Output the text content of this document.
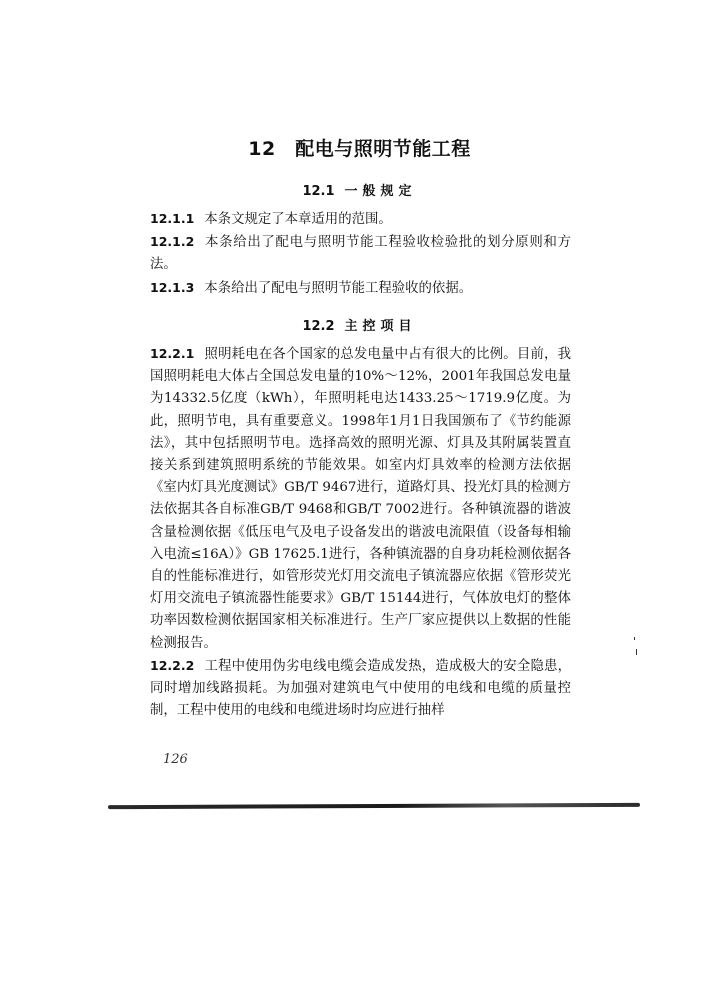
12　配电与照明节能工程
12.1 一般规定

12.1.1 本条文规定了本章适用的范围。

12.1.2 本条给出了配电与照明节能工程验收检验批的划分原则和方法。

12.1.3 本条给出了配电与照明节能工程验收的依据。

12.2 主控项目

12.2.1 照明耗电在各个国家的总发电量中占有很大的比例。目前，我国照明耗电大体占全国总发电量的10%～12%，2001年我国总发电量为14332.5亿度（kWh），年照明耗电达1433.25～1719.9亿度。为此，照明节电，具有重要意义。1998年1月1日我国颁布了《节约能源法》，其中包括照明节电。选择高效的照明光源、灯具及其附属装置直接关系到建筑照明系统的节能效果。如室内灯具效率的检测方法依据《室内灯具光度测试》GB/T 9467进行，道路灯具、投光灯具的检测方法依据其各自标准GB/T 9468和GB/T 7002进行。各种镇流器的谐波含量检测依据《低压电气及电子设备发出的谐波电流限值（设备每相输入电流≤16A）》GB 17625.1进行，各种镇流器的自身功耗检测依据各自的性能标准进行，如管形荧光灯用交流电子镇流器应依据《管形荧光灯用交流电子镇流器性能要求》GB/T 15144进行，气体放电灯的整体功率因数检测依据国家相关标准进行。生产厂家应提供以上数据的性能检测报告。

12.2.2 工程中使用伪劣电线电缆会造成发热，造成极大的安全隐患，同时增加线路损耗。为加强对建筑电气中使用的电线和电缆的质量控制，工程中使用的电线和电缆进场时均应进行抽样

126
